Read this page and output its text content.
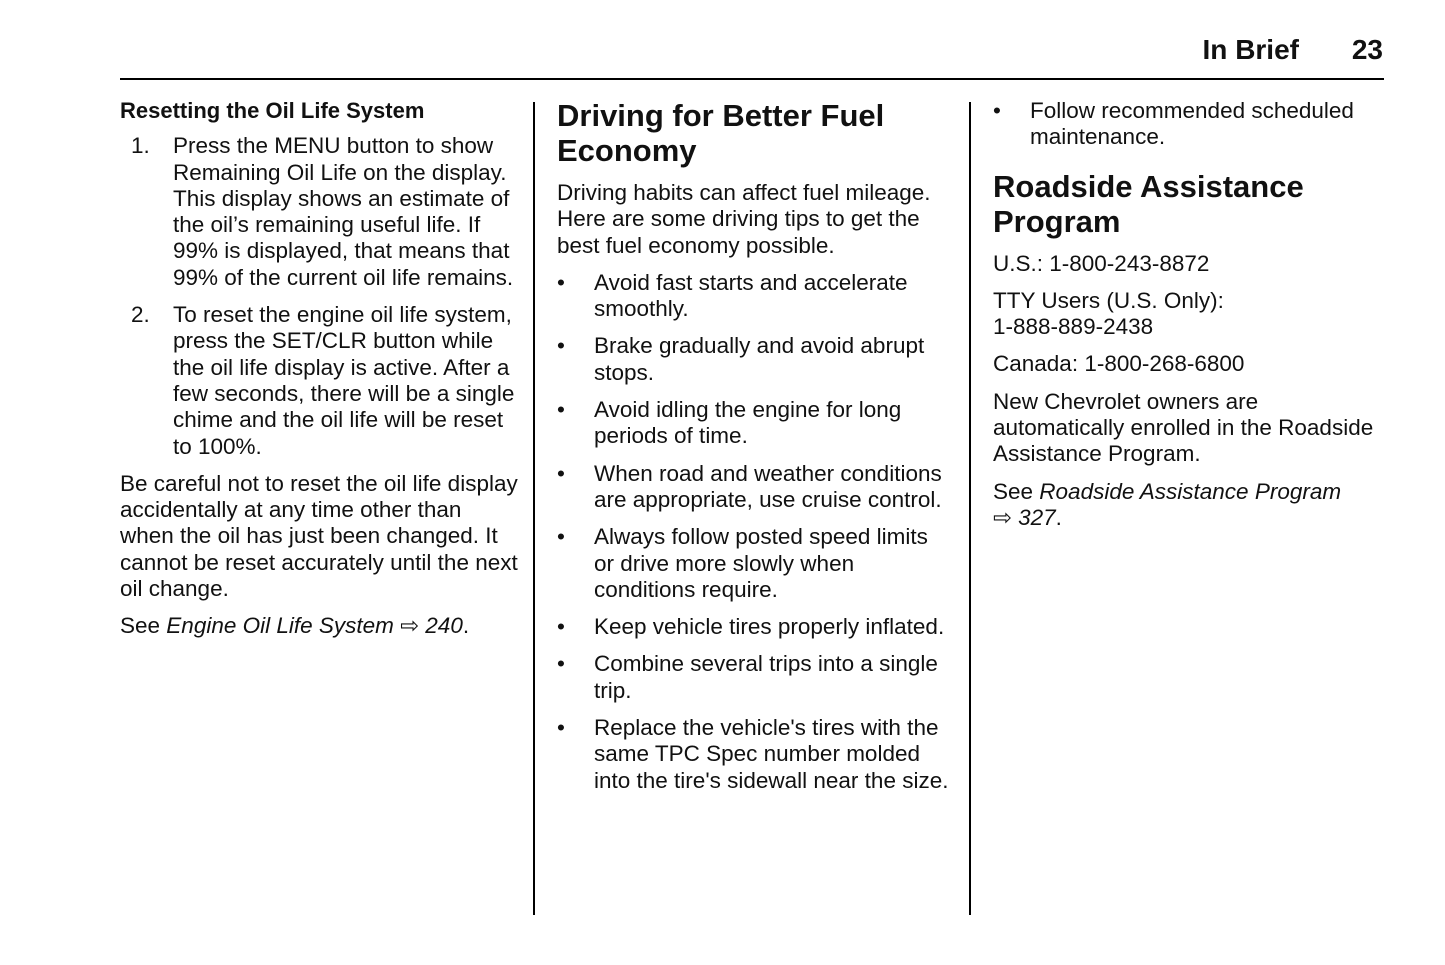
In Brief 23
Resetting the Oil Life System
1. Press the MENU button to show Remaining Oil Life on the display. This display shows an estimate of the oil’s remaining useful life. If 99% is displayed, that means that 99% of the current oil life remains.
2. To reset the engine oil life system, press the SET/CLR button while the oil life display is active. After a few seconds, there will be a single chime and the oil life will be reset to 100%.

Be careful not to reset the oil life display accidentally at any time other than when the oil has just been changed. It cannot be reset accurately until the next oil change.

See Engine Oil Life System ⇨ 240.

Driving for Better Fuel Economy

Driving habits can affect fuel mileage. Here are some driving tips to get the best fuel economy possible.

• Avoid fast starts and accelerate smoothly.
• Brake gradually and avoid abrupt stops.
• Avoid idling the engine for long periods of time.
• When road and weather conditions are appropriate, use cruise control.
• Always follow posted speed limits or drive more slowly when conditions require.
• Keep vehicle tires properly inflated.
• Combine several trips into a single trip.
• Replace the vehicle's tires with the same TPC Spec number molded into the tire's sidewall near the size.
• Follow recommended scheduled maintenance.
Roadside Assistance Program

U.S.: 1-800-243-8872

TTY Users (U.S. Only):
1-888-889-2438

Canada: 1-800-268-6800

New Chevrolet owners are automatically enrolled in the Roadside Assistance Program.

See Roadside Assistance Program
⇨ 327.
